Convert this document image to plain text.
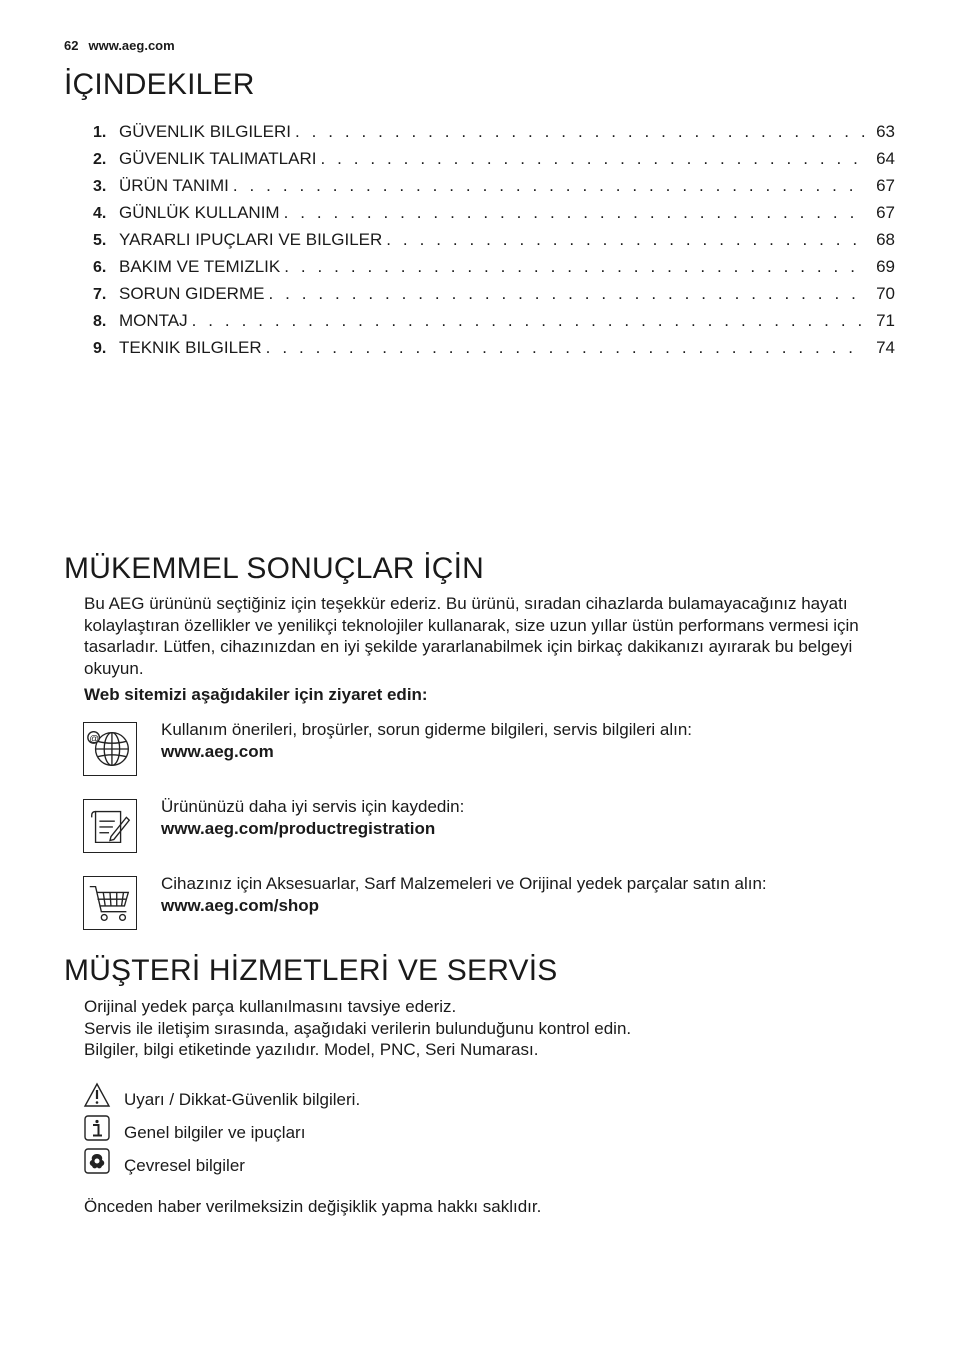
62 www.aeg.com
İÇINDEKILER
1. GÜVENLIK BILGILERI . . .	63
2. GÜVENLIK TALIMATLARI . . .	64
3. ÜRÜN TANIMI . . .	67
4. GÜNLÜK KULLANIM . . .	67
5. YARARLI IPUÇLARI VE BILGILER . . .	68
6. BAKIM VE TEMIZLIK . . .	69
7. SORUN GIDERME . . .	70
8. MONTAJ . . .	71
9. TEKNIK BILGILER . . .	74
MÜKEMMEL SONUÇLAR İÇİN
Bu AEG ürününü seçtiğiniz için teşekkür ederiz. Bu ürünü, sıradan cihazlarda bulamayacağınız hayatı kolaylaştıran özellikler ve yenilikçi teknolojiler kullanarak, size uzun yıllar üstün performans vermesi için tasarladır. Lütfen, cihazınızdan en iyi şekilde yararlanabilmek için birkaç dakikanızı ayırarak bu belgeyi okuyun.
Web sitemizi aşağıdakiler için ziyaret edin:
@	Kullanım önerileri, broşürler, sorun giderme bilgileri, servis bilgileri alın:
www.aeg.com
Ürününüzü daha iyi servis için kaydedin:
www.aeg.com/productregistration
Cihazınız için Aksesuarlar, Sarf Malzemeleri ve Orijinal yedek parçalar satın alın:
www.aeg.com/shop
MÜŞTERİ HİZMETLERİ VE SERVİS
Orijinal yedek parça kullanılmasını tavsiye ederiz.
Servis ile iletişim sırasında, aşağıdaki verilerin bulunduğunu kontrol edin.
Bilgiler, bilgi etiketinde yazılıdır. Model, PNC, Seri Numarası.
Uyarı / Dikkat-Güvenlik bilgileri.
Genel bilgiler ve ipuçları
Çevresel bilgiler
Önceden haber verilmeksizin değişiklik yapma hakkı saklıdır.
